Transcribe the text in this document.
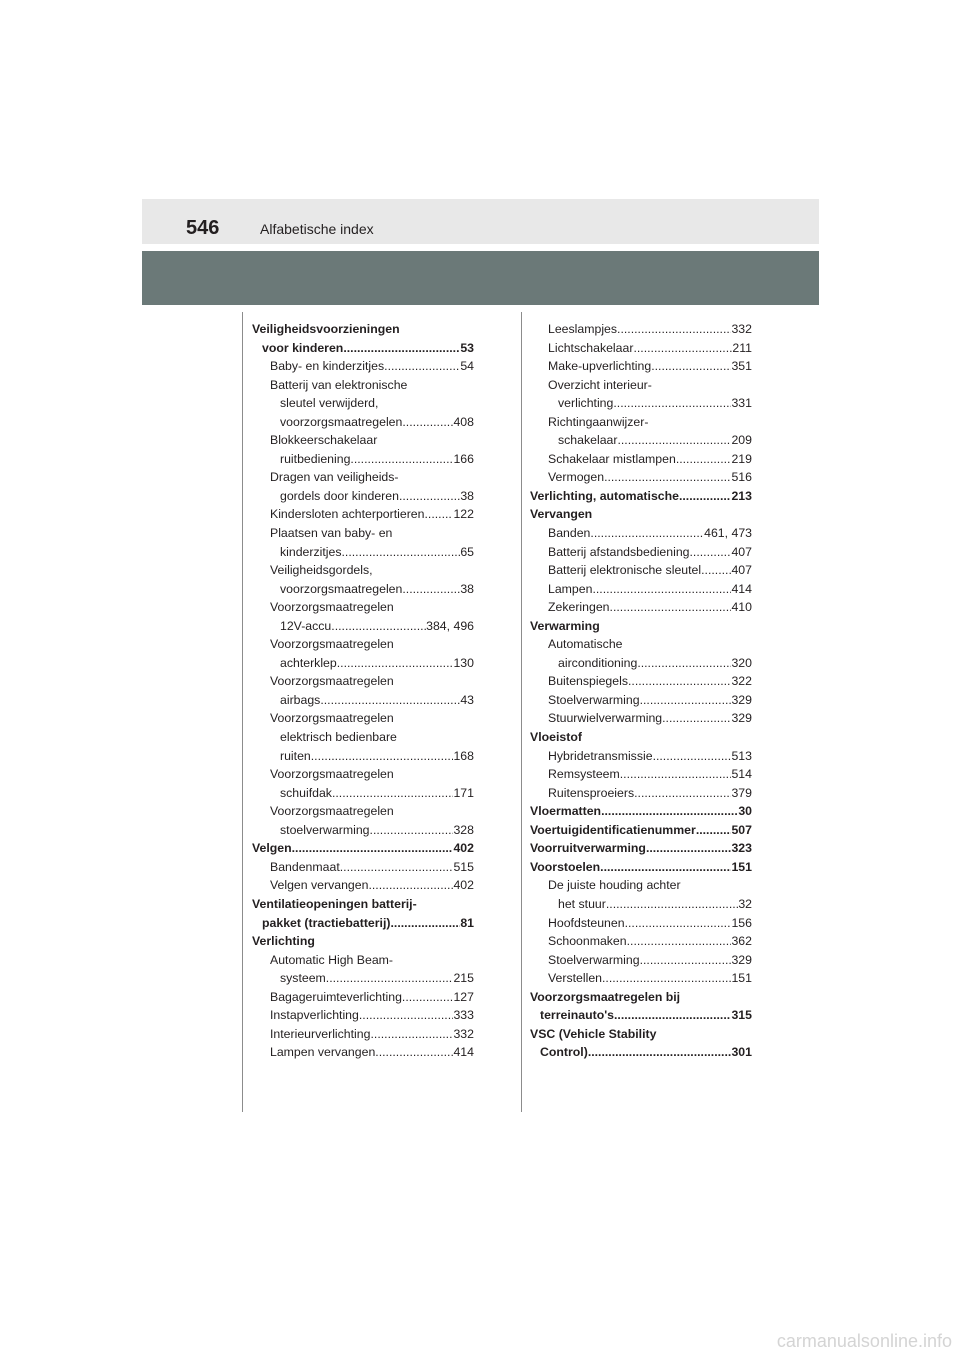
546	Alfabetische index
Veiligheidsvoorzieningen
voor kinderen .....	53
Baby- en kinderzitjes .....	54
Batterij van elektronische
sleutel verwijderd,
voorzorgsmaatregelen .....	408
Blokkeerschakelaar
ruitbediening .....	166
Dragen van veiligheids-
gordels door kinderen .....	38
Kindersloten achterportieren ..... 122
Plaatsen van baby- en
kinderzitjes .....	65
Veiligheidsgordels,
voorzorgsmaatregelen .....	38
Voorzorgsmaatregelen
12V-accu .....	384, 496
Voorzorgsmaatregelen
achterklep .....	130
Voorzorgsmaatregelen
airbags .....	43
Voorzorgsmaatregelen
elektrisch bedienbare
ruiten .....	168
Voorzorgsmaatregelen
schuifdak .....	171
Voorzorgsmaatregelen
stoelverwarming .....	328
Velgen .....	402
Bandenmaat .....	515
Velgen vervangen .....	402
Ventilatieopeningen batterij-
pakket (tractiebatterij) .....	81
Verlichting
Automatic High Beam-
systeem .....	215
Bagageruimteverlichting .....	127
Instapverlichting .....	333
Interieurverlichting .....	332
Lampen vervangen .....	414
Leeslampjes .....	332
Lichtschakelaar .....	211
Make-upverlichting .....	351
Overzicht interieur-
verlichting .....	331
Richtingaanwijzer-
schakelaar .....	209
Schakelaar mistlampen .....	219
Vermogen .....	516
Verlichting, automatische .....	213
Vervangen
Banden .....	461, 473
Batterij afstandsbediening .....	407
Batterij elektronische sleutel ..... 407
Lampen .....	414
Zekeringen .....	410
Verwarming
Automatische
airconditioning .....	320
Buitenspiegels .....	322
Stoelverwarming .....	329
Stuurwielverwarming .....	329
Vloeistof
Hybridetransmissie .....	513
Remsysteem .....	514
Ruitensproeiers .....	379
Vloermatten .....	30
Voertuigidentificatienummer .....	507
Voorruitverwarming .....	323
Voorstoelen .....	151
De juiste houding achter
het stuur .....	32
Hoofdsteunen .....	156
Schoonmaken .....	362
Stoelverwarming .....	329
Verstellen .....	151
Voorzorgsmaatregelen bij
terreinauto's .....	315
VSC (Vehicle Stability
Control) .....	301
carmanualsonline.info
